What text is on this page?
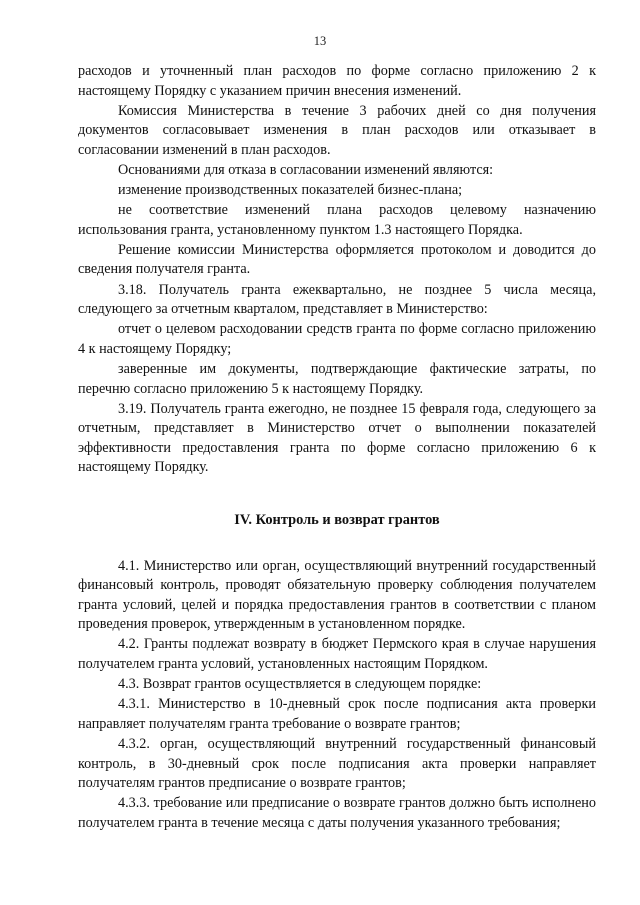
13

расходов и уточненный план расходов по форме согласно приложению 2 к настоящему Порядку с указанием причин внесения изменений.

Комиссия Министерства в течение 3 рабочих дней со дня получения документов согласовывает изменения в план расходов или отказывает в согласовании изменений в план расходов.

Основаниями для отказа в согласовании изменений являются:

изменение производственных показателей бизнес-плана;

не соответствие изменений плана расходов целевому назначению использования гранта, установленному пунктом 1.3 настоящего Порядка.

Решение комиссии Министерства оформляется протоколом и доводится до сведения получателя гранта.

3.18. Получатель гранта ежеквартально, не позднее 5 числа месяца, следующего за отчетным кварталом, представляет в Министерство:

отчет о целевом расходовании средств гранта по форме согласно приложению 4 к настоящему Порядку;

заверенные им документы, подтверждающие фактические затраты, по перечню согласно приложению 5 к настоящему Порядку.

3.19. Получатель гранта ежегодно, не позднее 15 февраля года, следующего за отчетным, представляет в Министерство отчет о выполнении показателей эффективности предоставления гранта по форме согласно приложению 6 к настоящему Порядку.

IV. Контроль и возврат грантов

4.1. Министерство или орган, осуществляющий внутренний государственный финансовый контроль, проводят обязательную проверку соблюдения получателем гранта условий, целей и порядка предоставления грантов в соответствии с планом проведения проверок, утвержденным в установленном порядке.

4.2. Гранты подлежат возврату в бюджет Пермского края в случае нарушения получателем гранта условий, установленных настоящим Порядком.

4.3. Возврат грантов осуществляется в следующем порядке:

4.3.1. Министерство в 10-дневный срок после подписания акта проверки направляет получателям гранта требование о возврате грантов;

4.3.2. орган, осуществляющий внутренний государственный финансовый контроль, в 30-дневный срок после подписания акта проверки направляет получателям грантов предписание о возврате грантов;

4.3.3. требование или предписание о возврате грантов должно быть исполнено получателем гранта в течение месяца с даты получения указанного требования;
